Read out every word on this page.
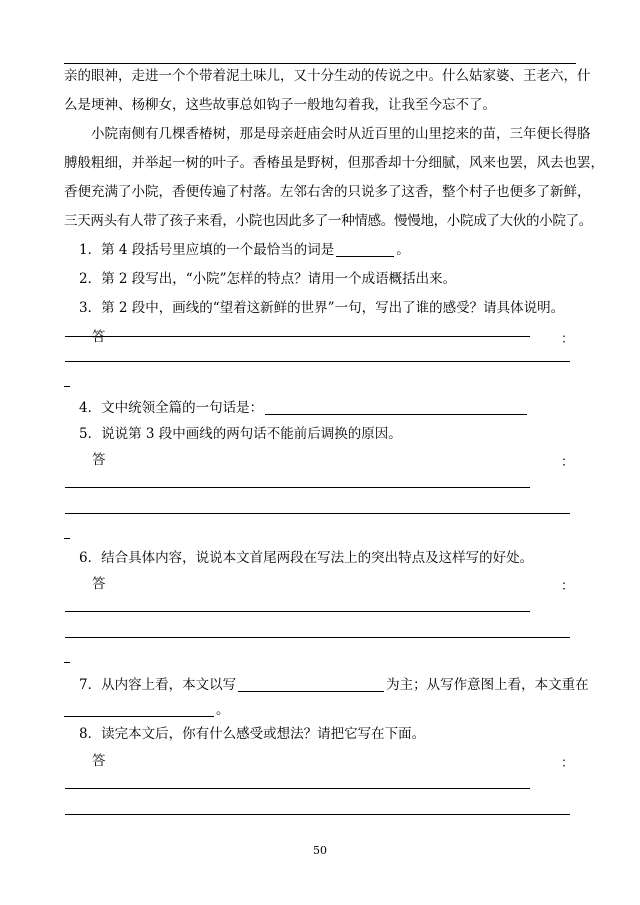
亲的眼神，走进一个个带着泥土味儿，又十分生动的传说之中。什么姑家婆、王老六，什
么是埂神、杨柳女，这些故事总如钩子一般地勾着我，让我至今忘不了。
小院南侧有几棵香椿树，那是母亲赶庙会时从近百里的山里挖来的苗，三年便长得胳
膊般粗细，并举起一树的叶子。香椿虽是野树，但那香却十分细腻，风来也罢，风去也罢，
香便充满了小院，香便传遍了村落。左邻右舍的只说多了这香，整个村子也便多了新鲜，
三天两头有人带了孩子来看，小院也因此多了一种情感。慢慢地，小院成了大伙的小院了。
1．第 4 段括号里应填的一个最恰当的词是	。
2．第 2 段写出，“小院”怎样的特点？请用一个成语概括出来。
3．第 2 段中，画线的“望着这新鲜的世界”一句，写出了谁的感受？请具体说明。
答	：
4．文中统领全篇的一句话是：
5．说说第 3 段中画线的两句话不能前后调换的原因。
答	：
6．结合具体内容，说说本文首尾两段在写法上的突出特点及这样写的好处。
答	：
7．从内容上看，本文以写	为主；从写作意图上看，本文重在
。
8．读完本文后，你有什么感受或想法？请把它写在下面。
答	：
50
